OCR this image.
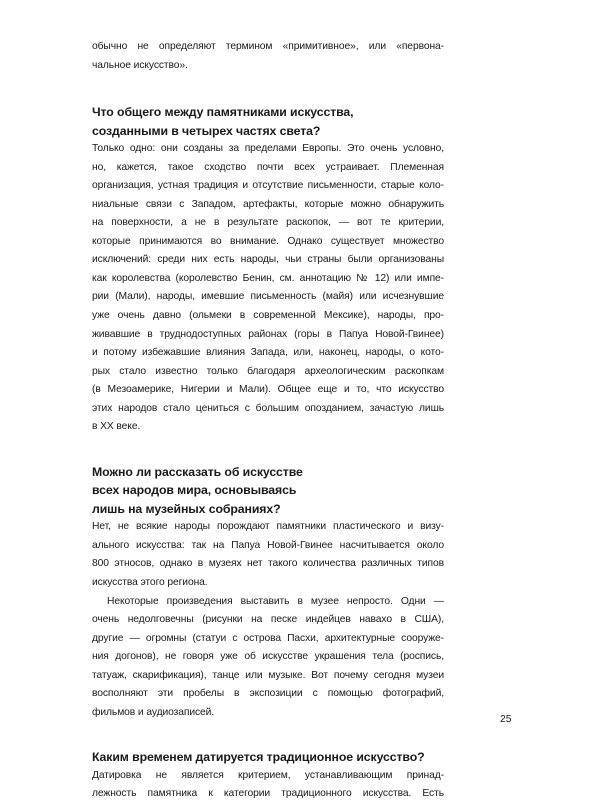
обычно не определяют термином «примитивное», или «первона-

чальное искусство».

Что общего между памятниками искусства,
созданными в четырех частях света?

Только одно: они созданы за пределами Европы. Это очень условно,

но, кажется, такое сходство почти всех устраивает. Племенная

организация, устная традиция и отсутствие письменности, старые коло-

ниальные связи с Западом, артефакты, которые можно обнаружить

на поверхности, а не в результате раскопок, — вот те критерии,

которые принимаются во внимание. Однако существует множество

исключений: среди них есть народы, чьи страны были организованы

как королевства (королевство Бенин, см. аннотацию № 12) или импе-

рии (Мали), народы, имевшие письменность (майя) или исчезнувшие

уже очень давно (ольмеки в современной Мексике), народы, про-

живавшие в труднодоступных районах (горы в Папуа Новой-Гвинее)

и потому избежавшие влияния Запада, или, наконец, народы, о кото-

рых стало известно только благодаря археологическим раскопкам

(в Мезоамерике, Нигерии и Мали). Общее еще и то, что искусство

этих народов стало цениться с большим опозданием, зачастую лишь

в XX веке.

Можно ли рассказать об искусстве
всех народов мира, основываясь
лишь на музейных собраниях?

Нет, не всякие народы порождают памятники пластического и визу-

ального искусства: так на Папуа Новой-Гвинее насчитывается около

800 этносов, однако в музеях нет такого количества различных типов

искусства этого региона.

Некоторые произведения выставить в музее непросто. Одни —

очень недолговечны (рисунки на песке индейцев навахо в США),

другие — огромны (статуи с острова Пасхи, архитектурные сооруже-

ния догонов), не говоря уже об искусстве украшения тела (роспись,

татуаж, скарификация), танце или музыке. Вот почему сегодня музеи

восполняют эти пробелы в экспозиции с помощью фотографий,

фильмов и аудиозаписей.

Каким временем датируется традиционное искусство?

Датировка не является критерием, устанавливающим принад-

лежность памятника к категории традиционного искусства. Есть

25
